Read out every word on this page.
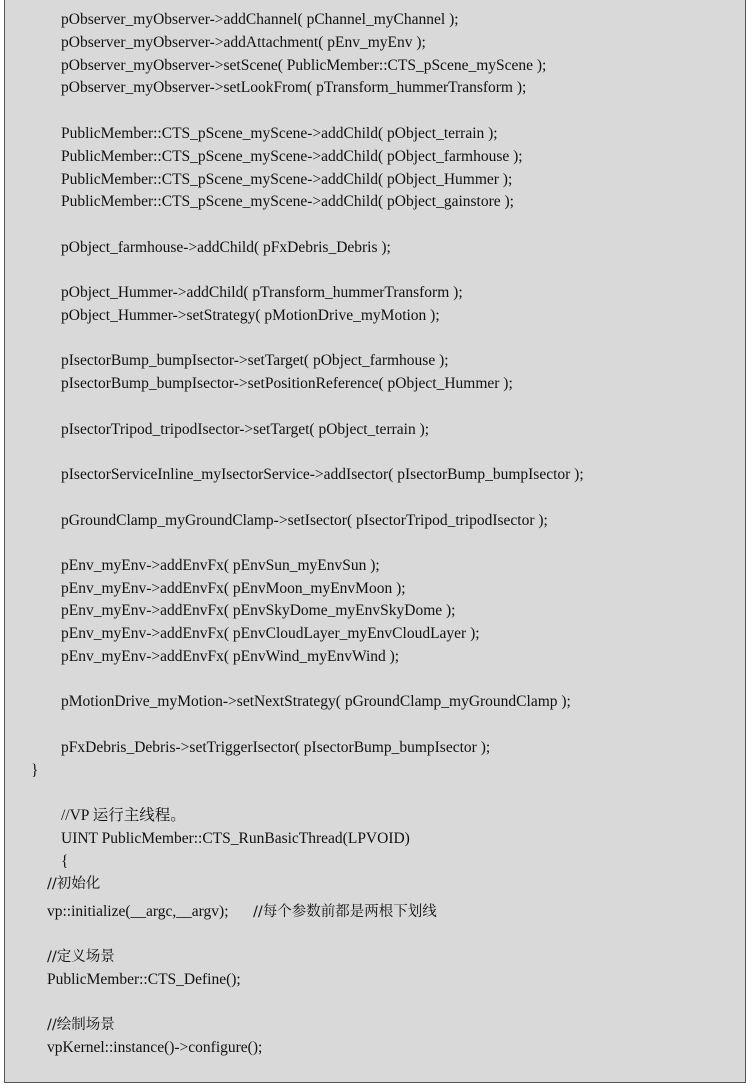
pObserver_myObserver->addChannel( pChannel_myChannel );
pObserver_myObserver->addAttachment( pEnv_myEnv );
pObserver_myObserver->setScene( PublicMember::CTS_pScene_myScene );
pObserver_myObserver->setLookFrom( pTransform_hummerTransform );
PublicMember::CTS_pScene_myScene->addChild( pObject_terrain );
PublicMember::CTS_pScene_myScene->addChild( pObject_farmhouse );
PublicMember::CTS_pScene_myScene->addChild( pObject_Hummer );
PublicMember::CTS_pScene_myScene->addChild( pObject_gainstore );
pObject_farmhouse->addChild( pFxDebris_Debris );
pObject_Hummer->addChild( pTransform_hummerTransform );
pObject_Hummer->setStrategy( pMotionDrive_myMotion );
pIsectorBump_bumpIsector->setTarget( pObject_farmhouse );
pIsectorBump_bumpIsector->setPositionReference( pObject_Hummer );
pIsectorTripod_tripodIsector->setTarget( pObject_terrain );
pIsectorServiceInline_myIsectorService->addIsector( pIsectorBump_bumpIsector );
pGroundClamp_myGroundClamp->setIsector( pIsectorTripod_tripodIsector );
pEnv_myEnv->addEnvFx( pEnvSun_myEnvSun );
pEnv_myEnv->addEnvFx( pEnvMoon_myEnvMoon );
pEnv_myEnv->addEnvFx( pEnvSkyDome_myEnvSkyDome );
pEnv_myEnv->addEnvFx( pEnvCloudLayer_myEnvCloudLayer );
pEnv_myEnv->addEnvFx( pEnvWind_myEnvWind );
pMotionDrive_myMotion->setNextStrategy( pGroundClamp_myGroundClamp );
pFxDebris_Debris->setTriggerIsector( pIsectorBump_bumpIsector );
}
//VP 运行主线程。
UINT PublicMember::CTS_RunBasicThread(LPVOID)
{
//初始化
vp::initialize(__argc,__argv); //每个参数前都是两根下划线
//定义场景
PublicMember::CTS_Define();
//绘制场景
vpKernel::instance()->configure();
